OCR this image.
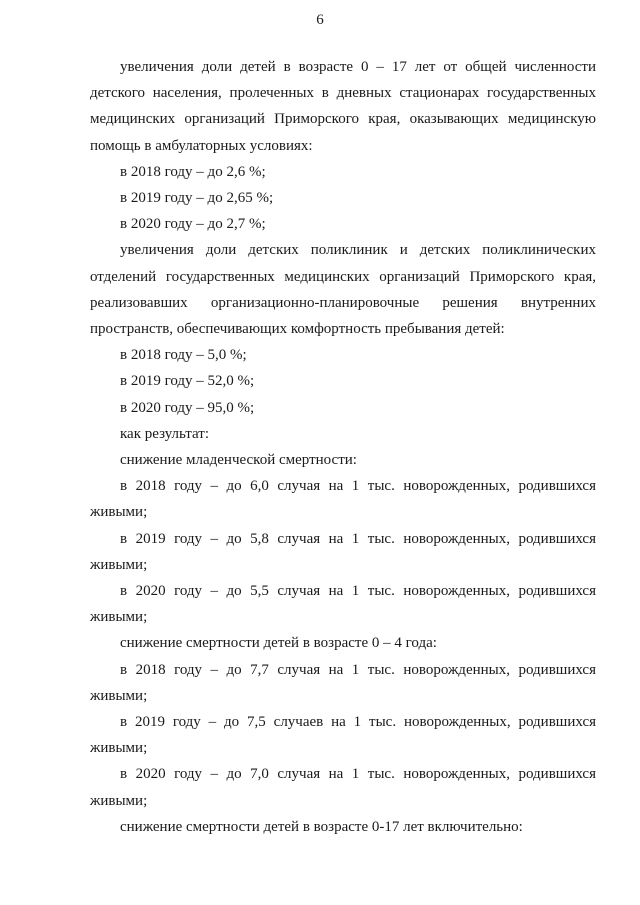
6

увеличения доли детей в возрасте 0 – 17 лет от общей численности детского населения, пролеченных в дневных стационарах государственных медицинских организаций Приморского края, оказывающих медицинскую помощь в амбулаторных условиях:

в 2018 году – до 2,6 %;

в 2019 году – до 2,65 %;

в 2020 году – до 2,7 %;

увеличения доли детских поликлиник и детских поликлинических отделений государственных медицинских организаций Приморского края, реализовавших организационно-планировочные решения внутренних пространств, обеспечивающих комфортность пребывания детей:

в 2018 году – 5,0 %;

в 2019 году – 52,0 %;

в 2020 году – 95,0 %;

как результат:

снижение младенческой смертности:

в 2018 году – до 6,0 случая на 1 тыс. новорожденных, родившихся живыми;

в 2019 году – до 5,8 случая на 1 тыс. новорожденных, родившихся живыми;

в 2020 году – до 5,5 случая на 1 тыс. новорожденных, родившихся живыми;

снижение смертности детей в возрасте 0 – 4 года:

в 2018 году – до 7,7 случая на 1 тыс. новорожденных, родившихся живыми;

в 2019 году – до 7,5 случаев на 1 тыс. новорожденных, родившихся живыми;

в 2020 году – до 7,0 случая на 1 тыс. новорожденных, родившихся живыми;

снижение смертности детей в возрасте 0-17 лет включительно:
